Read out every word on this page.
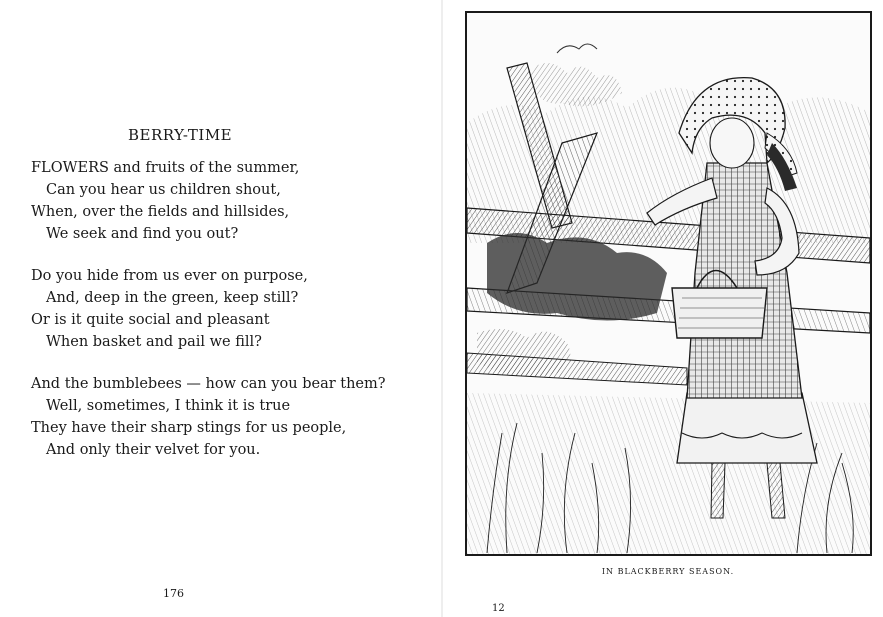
BERRY-TIME
FLOWERS and fruits of the summer,
Can you hear us children shout,
When, over the fields and hillsides,
We seek and find you out?
Do you hide from us ever on purpose,
And, deep in the green, keep still?
Or is it quite social and pleasant
When basket and pail we fill?
And the bumblebees — how can you bear them?
Well, sometimes, I think it is true
They have their sharp stings for us people,
And only their velvet for you.
176
IN BLACKBERRY SEASON.
12
